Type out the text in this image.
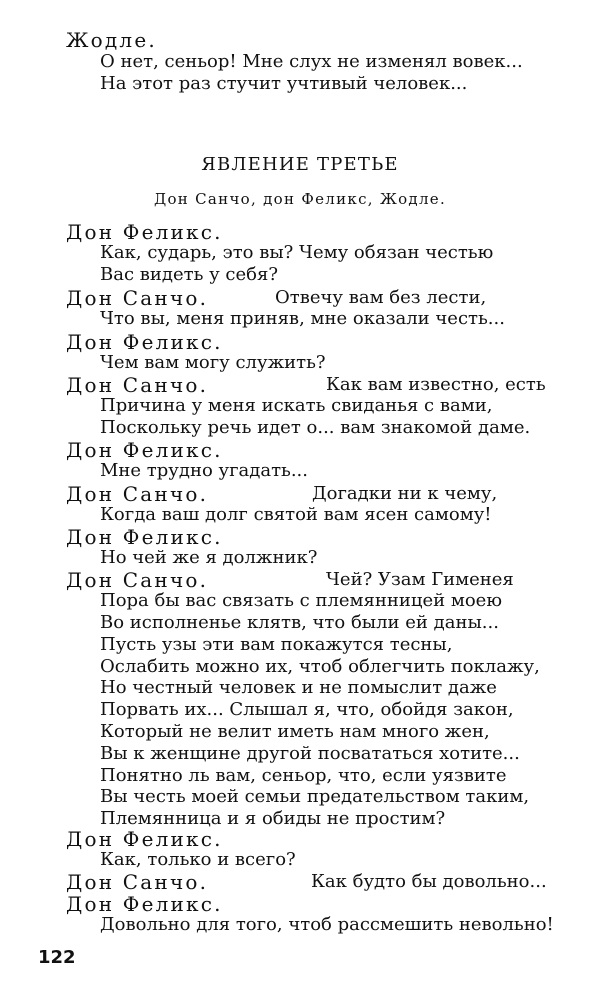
Жодле.
О нет, сеньор! Мне слух не изменял вовек...
На этот раз стучит учтивый человек...
ЯВЛЕНИЕ ТРЕТЬЕ
Дон Санчо, дон Феликс, Жодле.
Дон Феликс.
Как, сударь, это вы? Чему обязан честью
Вас видеть у себя?
Дон Санчо.	Отвечу вам без лести,
Что вы, меня приняв, мне оказали честь...
Дон Феликс.
Чем вам могу служить?
Дон Санчо.	Как вам известно, есть
Причина у меня искать свиданья с вами,
Поскольку речь идет о... вам знакомой даме.
Дон Феликс.
Мне трудно угадать...
Дон Санчо.	Догадки ни к чему,
Когда ваш долг святой вам ясен самому!
Дон Феликс.
Но чей же я должник?
Дон Санчо.	Чей? Узам Гименея
Пора бы вас связать с племянницей моею
Во исполненье клятв, что были ей даны...
Пусть узы эти вам покажутся тесны,
Ослабить можно их, чтоб облегчить поклажу,
Но честный человек и не помыслит даже
Порвать их... Слышал я, что, обойдя закон,
Который не велит иметь нам много жен,
Вы к женщине другой посвататься хотите...
Понятно ль вам, сеньор, что, если уязвите
Вы честь моей семьи предательством таким,
Племянница и я обиды не простим?
Дон Феликс.
Как, только и всего?
Дон Санчо.	Как будто бы довольно...
Дон Феликс.
Довольно для того, чтоб рассмешить невольно!
122
